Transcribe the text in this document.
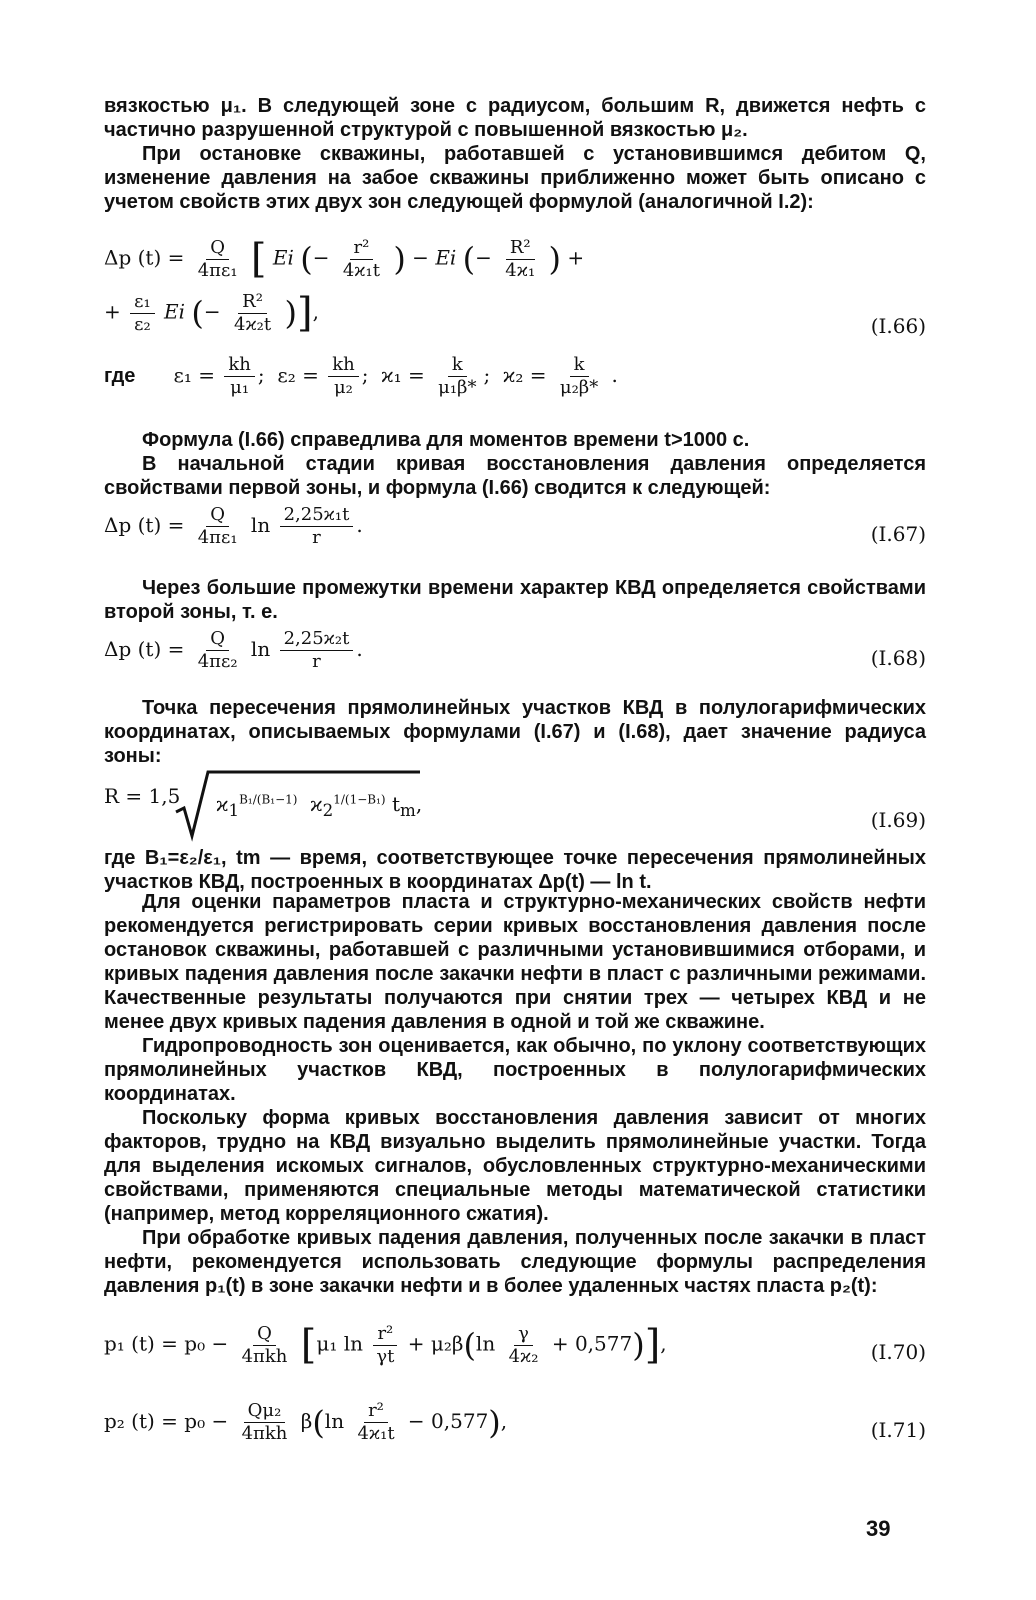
вязкостью μ₁. В следующей зоне с радиусом, большим R, движется нефть с частично разрушенной структурой с повышенной вязкостью μ₂.

При остановке скважины, работавшей с установившимся дебитом Q, изменение давления на забое скважины приближенно может быть описано с учетом свойств этих двух зон следующей формулой (аналогичной I.2):

Δp $(t) = \frac{Q}{\text{4πε₁}}$ [ Ei (− $\frac{\text{r²}}{\text{4ϰ₁t}}$ ) − Ei (− $\frac{\text{R²}}{\text{4ϰ₁}}$ ) +
+ $\frac{\text{ε₁}}{\text{ε₂}}$ Ei (− $\frac{\text{R²}}{\text{4ϰ₂t}}$ )],
(I.66)
где      $\varepsilon_1 = \frac{kh}{\text{μ₁}}$ ;  $\varepsilon_2 = \frac{kh}{\text{μ₂}}$ ;  $ϰ_1 = \frac{k}{\text{μ₁β*}}$ ;  $ϰ_2 = \frac{k}{\text{μ₂β*}}$ .

Формула (I.66) справедлива для моментов времени t>1000 с.

В начальной стадии кривая восстановления давления определяется свойствами первой зоны, и формула (I.66) сводится к следующей:

Δp $(t) = \frac{Q}{\text{4πε₁}}$ $\ln \frac{\text{2,25ϰ₁t}}{r}$ .	(I.67)

Через большие промежутки времени характер КВД определяется свойствами второй зоны, т. е.

Δp $(t) = \frac{Q}{\text{4πε₂}}$ $\ln \frac{\text{2,25ϰ₂t}}{r}$ .	(I.68)

Точка пересечения прямолинейных участков КВД в полулогарифмических координатах, описываемых формулами (I.67) и (I.68), дает значение радиуса зоны:

R = 1,5 $ϰ_1^{B_1/(B_1-1)}$  $ϰ_2^{1/(1-B_1)}$ $t_m$,
(I.69)

где B₁=ε₂/ε₁, tm — время, соответствующее точке пересечения прямолинейных участков КВД, построенных в координатах Δp(t) — ln t.

Для оценки параметров пласта и структурно-механических свойств нефти рекомендуется регистрировать серии кривых восстановления давления после остановок скважины, работавшей с различными установившимися отборами, и кривых падения давления после закачки нефти в пласт с различными режимами. Качественные результаты получаются при снятии трех — четырех КВД и не менее двух кривых падения давления в одной и той же скважине.

Гидропроводность зон оценивается, как обычно, по уклону соответствующих прямолинейных участков КВД, построенных в полулогарифмических координатах.

Поскольку форма кривых восстановления давления зависит от многих факторов, трудно на КВД визуально выделить прямолинейные участки. Тогда для выделения искомых сигналов, обусловленных структурно-механическими свойствами, применяются специальные методы математической статистики (например, метод корреляционного сжатия).

При обработке кривых падения давления, полученных после закачки в пласт нефти, рекомендуется использовать следующие формулы распределения давления p₁(t) в зоне закачки нефти и в более удаленных частях пласта p₂(t):

p₁ (t) = p₀ − Q
4πkh [μ₁ $\ln \frac{\text{r²}}{\gamma t} + \mu_2\beta(\ln \frac{\gamma}{\text{4ϰ₂}} + 0,577)$],	(I.70)
p₂ (t) = p₀ − Qμ₂
4πkh
$\beta(\ln \frac{\text{r²}}{\text{4ϰ₁t}} - 0,577)$,	(I.71)
39
